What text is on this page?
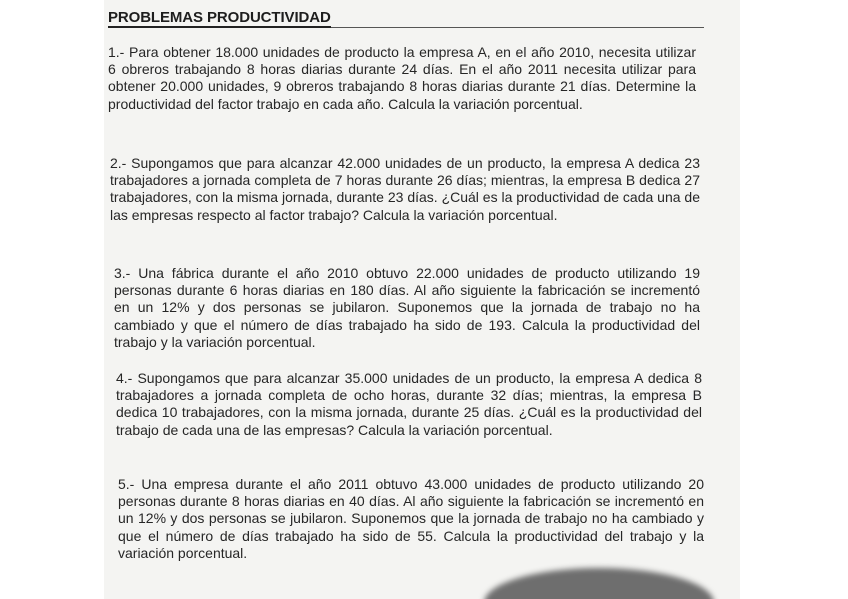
PROBLEMAS PRODUCTIVIDAD

1.- Para obtener 18.000 unidades de producto la empresa A, en el año 2010, necesita utilizar 6 obreros trabajando 8 horas diarias durante 24 días. En el año 2011 necesita utilizar para obtener 20.000 unidades, 9 obreros trabajando 8 horas diarias durante 21 días. Determine la productividad del factor trabajo en cada año. Calcula la variación porcentual.

2.- Supongamos que para alcanzar 42.000 unidades de un producto, la empresa A dedica 23 trabajadores a jornada completa de 7 horas durante 26 días; mientras, la empresa B dedica 27 trabajadores, con la misma jornada, durante 23 días. ¿Cuál es la productividad de cada una de las empresas respecto al factor trabajo? Calcula la variación porcentual.

3.- Una fábrica durante el año 2010 obtuvo 22.000 unidades de producto utilizando 19 personas durante 6 horas diarias en 180 días. Al año siguiente la fabricación se incrementó en un 12% y dos personas se jubilaron. Suponemos que la jornada de trabajo no ha cambiado y que el número de días trabajado ha sido de 193. Calcula la productividad del trabajo y la variación porcentual.

4.- Supongamos que para alcanzar 35.000 unidades de un producto, la empresa A dedica 8 trabajadores a jornada completa de ocho horas, durante 32 días; mientras, la empresa B dedica 10 trabajadores, con la misma jornada, durante 25 días. ¿Cuál es la productividad del trabajo de cada una de las empresas? Calcula la variación porcentual.

5.- Una empresa durante el año 2011 obtuvo 43.000 unidades de producto utilizando 20 personas durante 8 horas diarias en 40 días. Al año siguiente la fabricación se incrementó en un 12% y dos personas se jubilaron. Suponemos que la jornada de trabajo no ha cambiado y que el número de días trabajado ha sido de 55. Calcula la productividad del trabajo y la variación porcentual.
